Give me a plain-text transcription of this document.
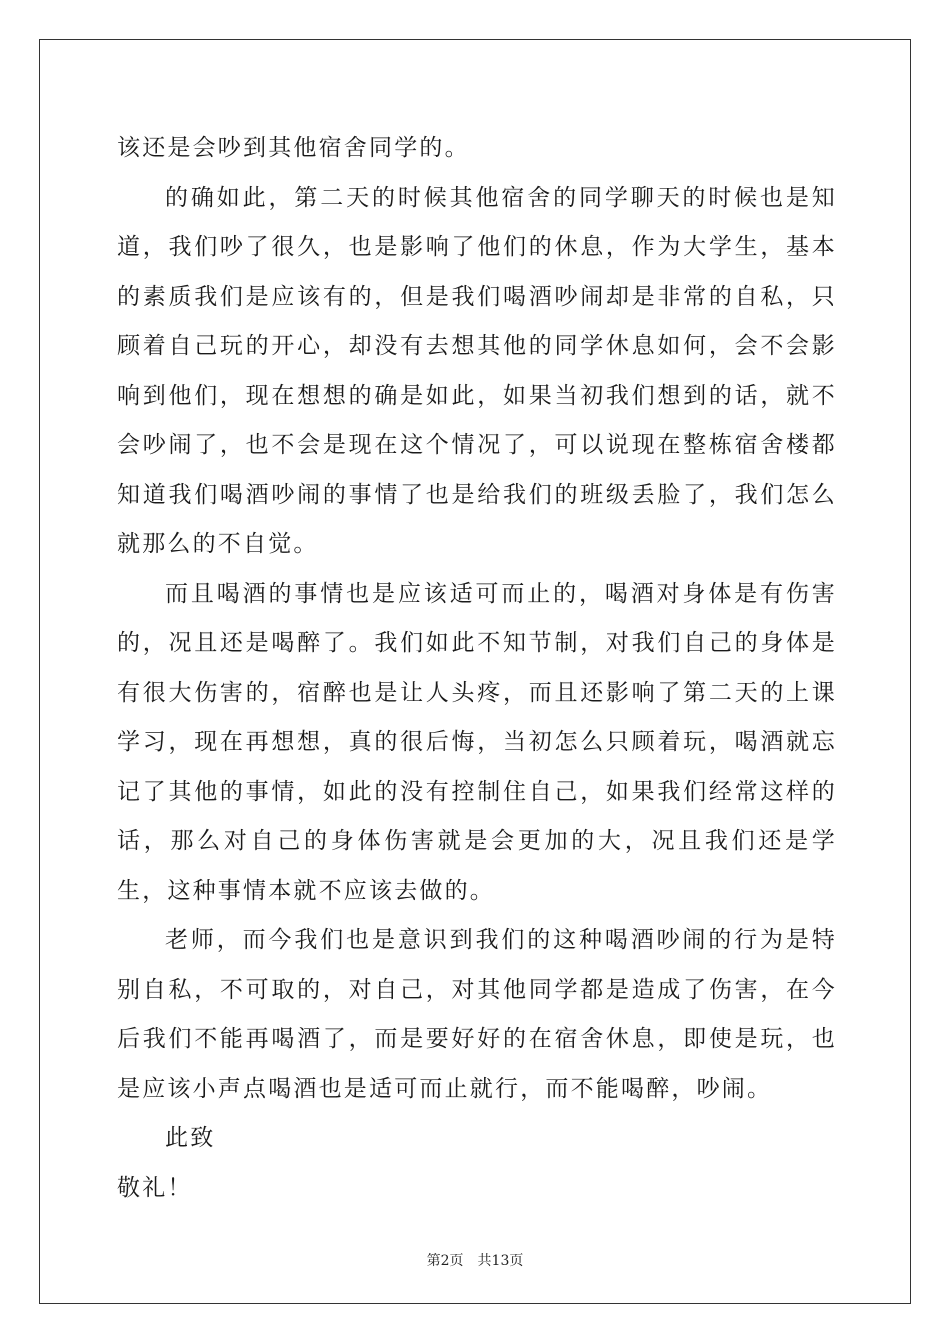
该还是会吵到其他宿舍同学的。

的确如此，第二天的时候其他宿舍的同学聊天的时候也是知道，我们吵了很久，也是影响了他们的休息，作为大学生，基本的素质我们是应该有的，但是我们喝酒吵闹却是非常的自私，只顾着自己玩的开心，却没有去想其他的同学休息如何，会不会影响到他们，现在想想的确是如此，如果当初我们想到的话，就不会吵闹了，也不会是现在这个情况了，可以说现在整栋宿舍楼都知道我们喝酒吵闹的事情了也是给我们的班级丢脸了，我们怎么就那么的不自觉。

而且喝酒的事情也是应该适可而止的，喝酒对身体是有伤害的，况且还是喝醉了。我们如此不知节制，对我们自己的身体是有很大伤害的，宿醉也是让人头疼，而且还影响了第二天的上课学习，现在再想想，真的很后悔，当初怎么只顾着玩，喝酒就忘记了其他的事情，如此的没有控制住自己，如果我们经常这样的话，那么对自己的身体伤害就是会更加的大，况且我们还是学生，这种事情本就不应该去做的。

老师，而今我们也是意识到我们的这种喝酒吵闹的行为是特别自私，不可取的，对自己，对其他同学都是造成了伤害，在今后我们不能再喝酒了，而是要好好的在宿舍休息，即使是玩，也是应该小声点喝酒也是适可而止就行，而不能喝醉，吵闹。

此致

敬礼！

第2页 共13页
